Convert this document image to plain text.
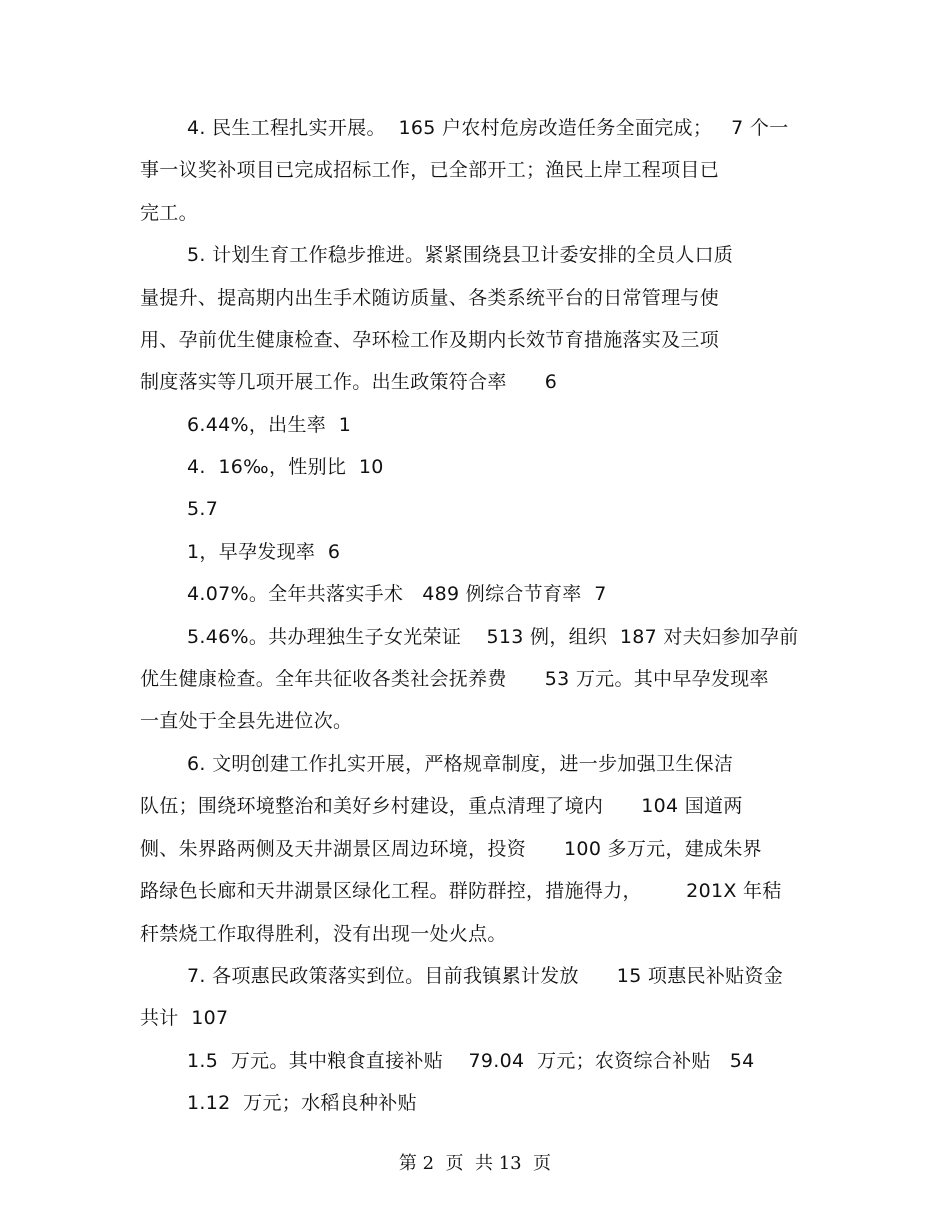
4. 民生工程扎实开展。  165 户农村危房改造任务全面完成；   7 个一
事一议奖补项目已完成招标工作，已全部开工；渔民上岸工程项目已
完工。
5. 计划生育工作稳步推进。紧紧围绕县卫计委安排的全员人口质
量提升、提高期内出生手术随访质量、各类系统平台的日常管理与使
用、孕前优生健康检查、孕环检工作及期内长效节育措施落实及三项
制度落实等几项开展工作。出生政策符合率      6
6.44%，出生率  1
4.  16‰，性别比  10
5.7
1，早孕发现率  6
4.07%。全年共落实手术   489 例综合节育率  7
5.46%。共办理独生子女光荣证    513 例，组织  187 对夫妇参加孕前
优生健康检查。全年共征收各类社会抚养费      53 万元。其中早孕发现率
一直处于全县先进位次。
6. 文明创建工作扎实开展，严格规章制度，进一步加强卫生保洁
队伍；围绕环境整治和美好乡村建设，重点清理了境内      104 国道两
侧、朱界路两侧及天井湖景区周边环境，投资      100 多万元，建成朱界
路绿色长廊和天井湖景区绿化工程。群防群控，措施得力，       201X 年秸
秆禁烧工作取得胜利，没有出现一处火点。
7. 各项惠民政策落实到位。目前我镇累计发放      15 项惠民补贴资金
共计  107
1.5  万元。其中粮食直接补贴    79.04  万元；农资综合补贴   54
1.12  万元；水稻良种补贴
第 2  页  共 13  页
